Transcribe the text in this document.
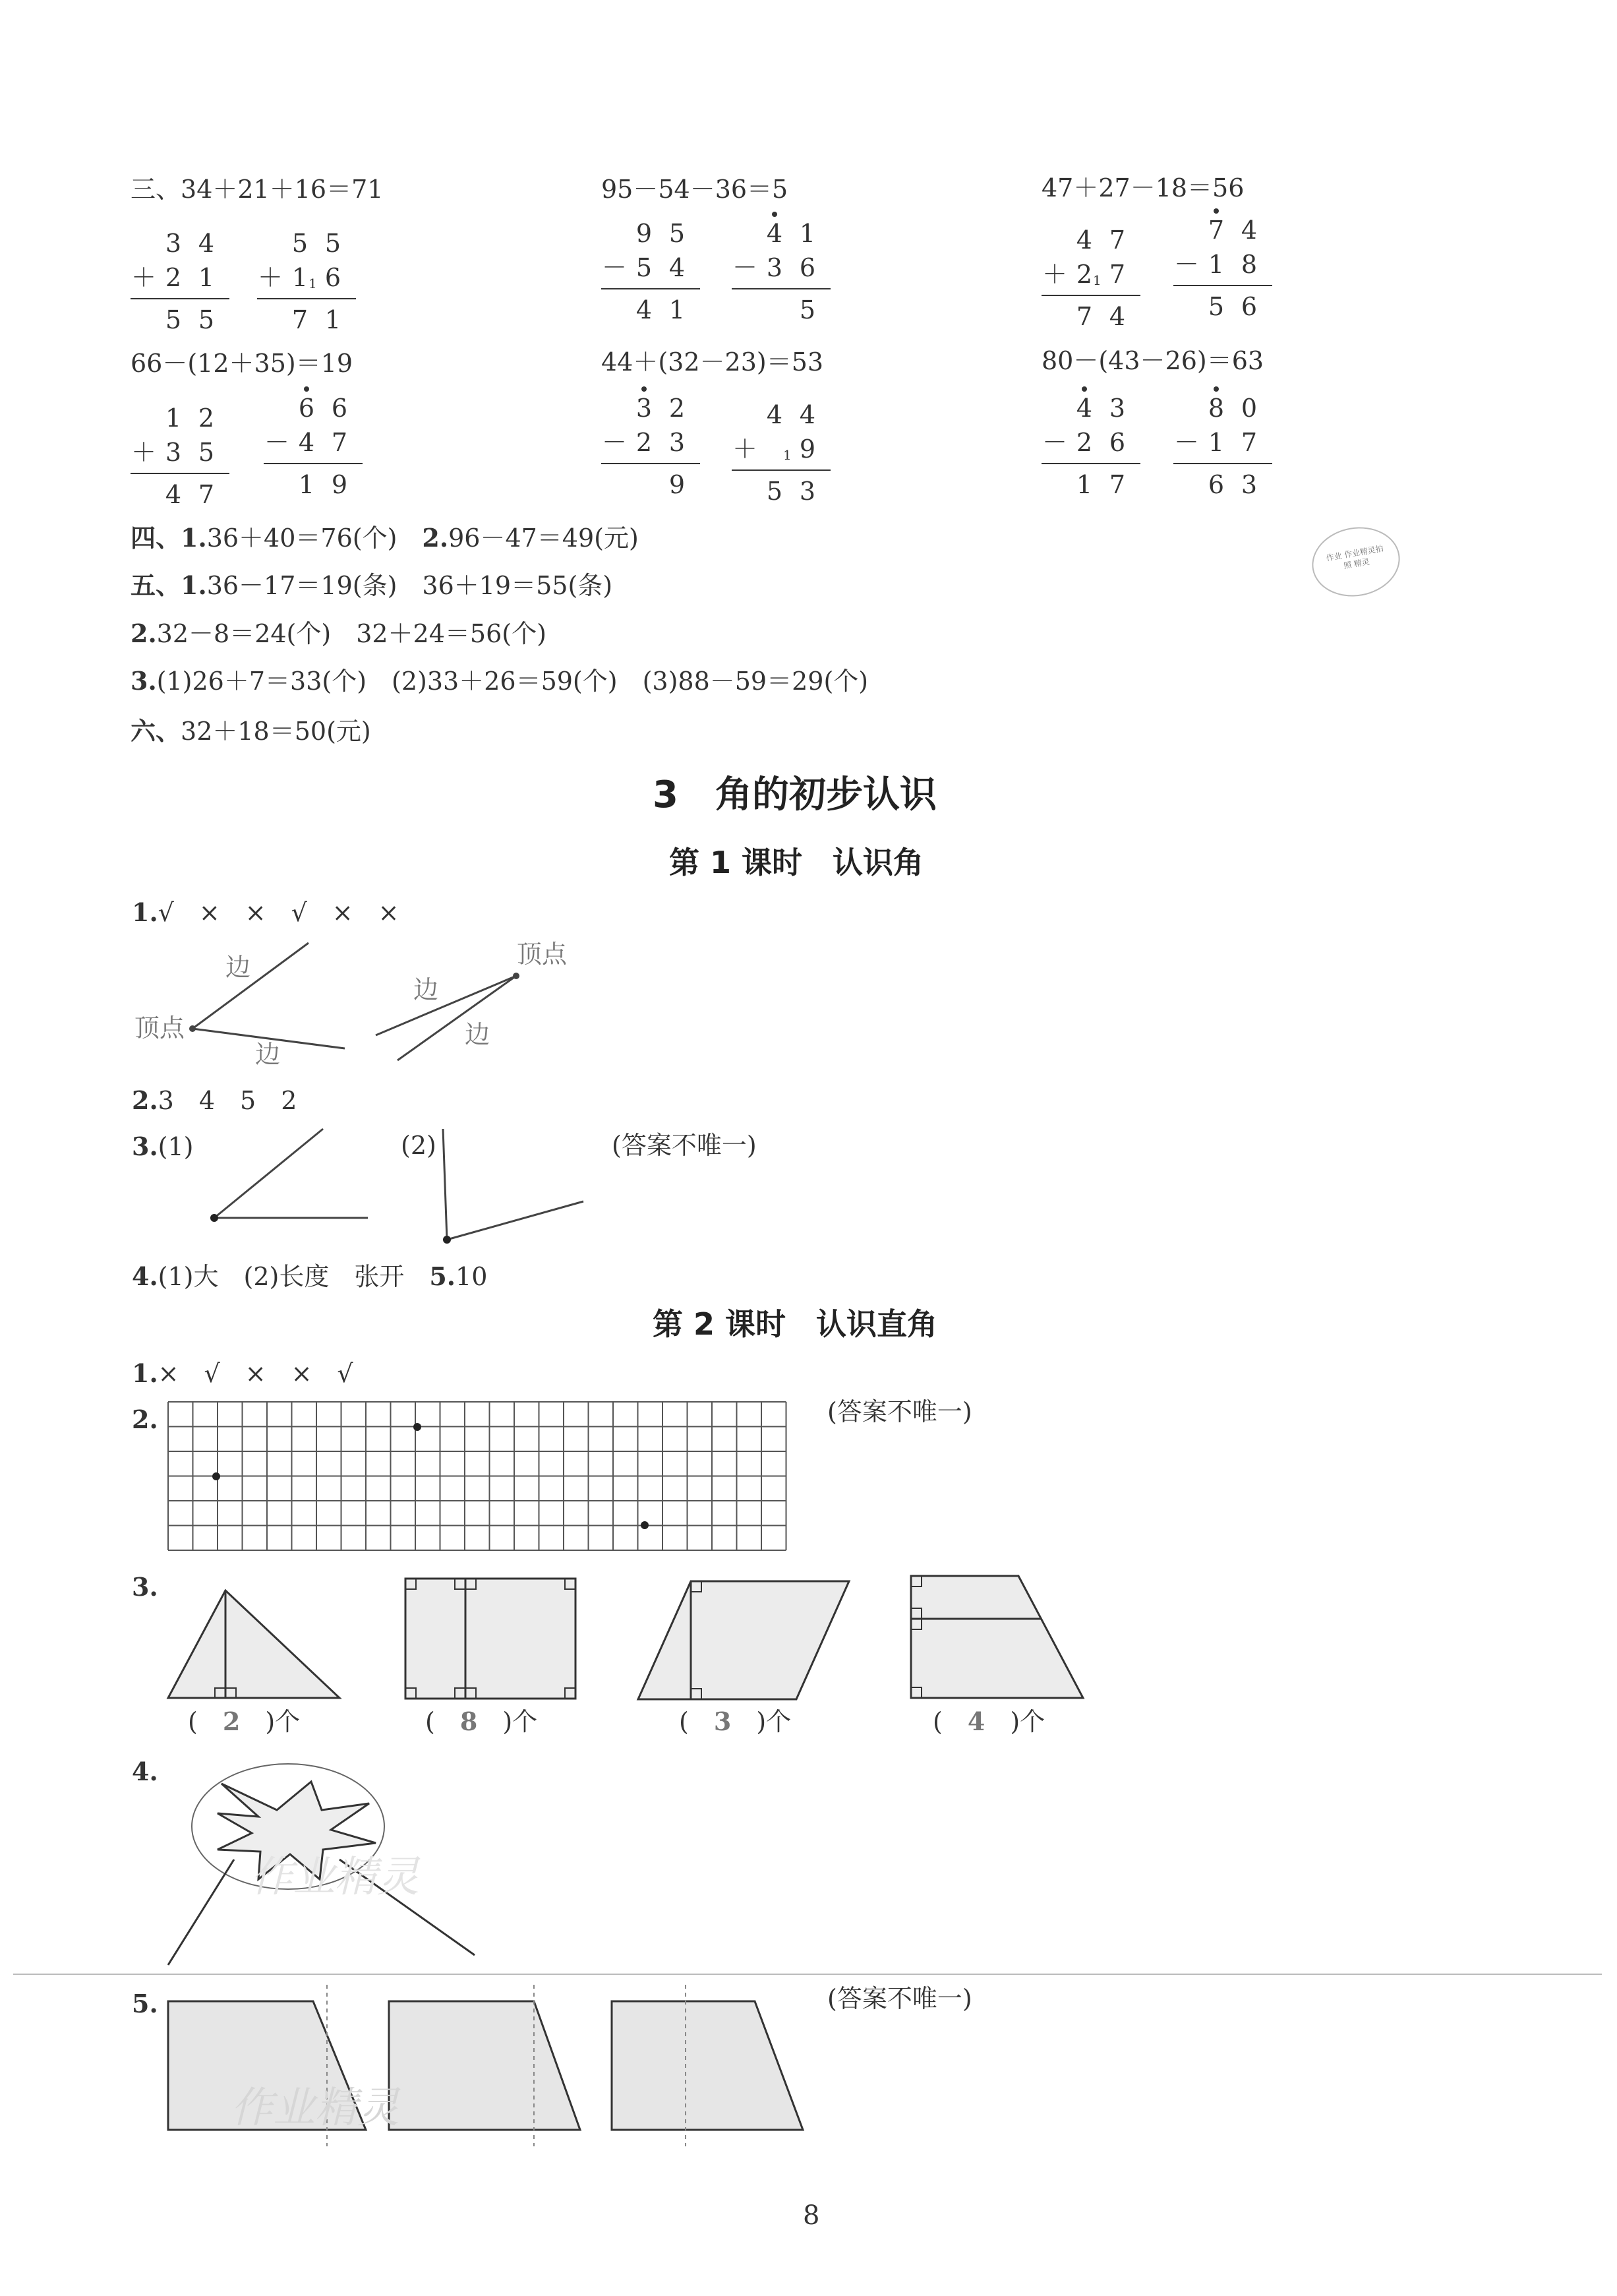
三、34＋21＋16＝71	95－54－36＝5	47＋27－18＝56
66－(12＋35)＝19	44＋(32－23)＝53	80－(43－26)＝63
3 4
＋ 2 1
5 5
5 5
＋ 1 6
1
7 1
9 5
－ 5 4
4 1
4 1
－ 3 6
5
4 7
＋ 2 7
1
7 4
7 4
－ 1 8
5 6
1 2
＋ 3 5
4 7
6 6
－ 4 7
1 9
3 2
－ 2 3
9
4 4
＋ 9
1
5 3
4 3
－ 2 6
1 7
8 0
－ 1 7
6 3
四、1.36＋40＝76(个)　 2.96－47＝49(元)
五、1.36－17＝19(条)　36＋19＝55(条)
2.32－8＝24(个)　32＋24＝56(个)
3.(1)26＋7＝33(个)　(2)33＋26＝59(个)　(3)88－59＝29(个)
六、32＋18＝50(元)
3　 角的初步认识
第 1 课时　认识角
1.√　×　×　√　×　×
边
顶点
边
顶点
边
边
2.3　4　5　2
3.(1)	(2)	(答案不唯一)
4.(1)大　(2)长度　张开　 5.10
第 2 课时　认识直角
1.×　√　×　×　√
2.	(答案不唯一)
3.
(　 2　 )个	(　 8　 )个	(　 3　 )个	(　 4　 )个
4.
作业精灵
5.	(答案不唯一)
作业精灵
作业 作业精灵拍照 精灵
8
